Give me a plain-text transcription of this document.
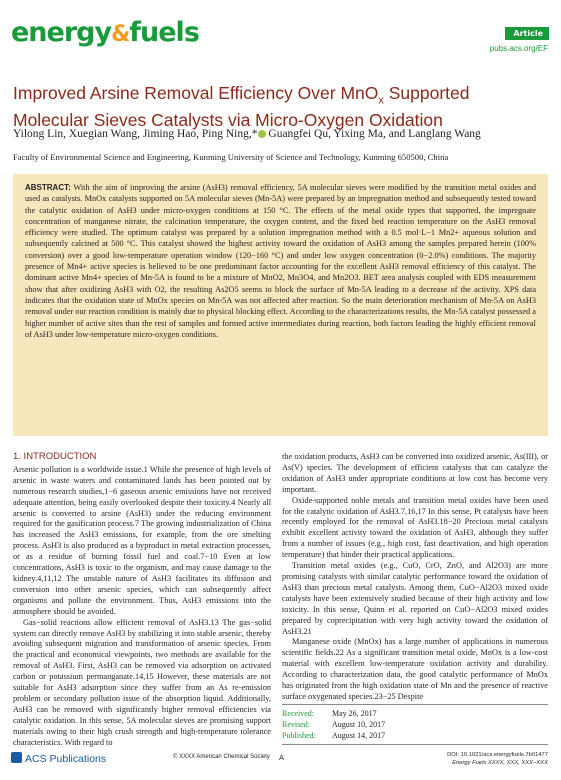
energy&fuels	Article
pubs.acs.org/EF
Improved Arsine Removal Efficiency Over MnO$_x$ Supported
Molecular Sieves Catalysts via Micro-Oxygen Oxidation
Yilong Lin, Xuegian Wang, Jiming Hao, Ping Ning,* Guangfei Qu, Yixing Ma, and Langlang Wang
Faculty of Environmental Science and Engineering, Kunming University of Science and Technology, Kunming 650500, China
ABSTRACT: With the aim of improving the arsine (AsH3) removal efficiency, 5A molecular sieves were modified by the transition metal oxides and used as catalysts. MnOx catalysts supported on 5A molecular sieves (Mn-5A) were prepared by an impregnation method and subsequently tested toward the catalytic oxidation of AsH3 under micro-oxygen conditions at 150 °C. The effects of the metal oxide types that supported, the impregnate concentration of manganese nitrate, the calcination temperature, the oxygen content, and the fixed bed reaction temperature on the AsH3 removal efficiency were studied. The optimum catalyst was prepared by a solution impregnation method with a 0.5 mol·L−1 Mn2+ aqueous solution and subsequently calcined at 500 °C. This catalyst showed the highest activity toward the oxidation of AsH3 among the samples prepared herein (100% conversion) over a good low-temperature operation window (120−160 °C) and under low oxygen concentration (0−2.0%) conditions. The majority presence of Mn4+ active species is believed to be one predominant factor accounting for the excellent AsH3 removal efficiency of this catalyst. The dominant active Mn4+ species of Mn-5A is found to be a mixture of MnO2, Mn3O4, and Mn2O3. BET area analysis coupled with EDS measurement show that after oxidizing AsH3 with O2, the resulting As2O5 seems to block the surface of Mn-5A leading to a decrease of the activity. XPS data indicates that the oxidation state of MnOx species on Mn-5A was not affected after reaction. So the main deterioration mechanism of Mn-5A on AsH3 removal under our reaction condition is mainly due to physical blocking effect. According to the characterizations results, the Mn-5A catalyst possessed a higher number of active sites than the rest of samples and formed active intermediates during reaction, both factors leading the highly efficient removal of AsH3 under low-temperature micro-oxygen conditions.
1. INTRODUCTION

Arsenic pollution is a worldwide issue.1 While the presence of high levels of arsenic in waste waters and contaminated lands has been pointed out by numerous research studies,1−6 gaseous arsenic emissions have not received adequate attention, being easily overlooked despite their toxicity.4 Nearly all arsenic is converted to arsine (AsH3) under the reducing environment required for the gasification process.7 The growing industrialization of China has increased the AsH3 emissions, for example, from the ore smelting process. AsH3 is also produced as a byproduct in metal extraction processes, or as a residue of burning fossil fuel and coal.7−10 Even at low concentrations, AsH3 is toxic to the organism, and may cause damage to the kidney.4,11,12 The unstable nature of AsH3 facilitates its diffusion and conversion into other arsenic species, which can subsequently affect organisms and pollute the environment. Thus, AsH3 emissions into the atmosphere should be avoided.

Gas−solid reactions allow efficient removal of AsH3.13 The gas−solid system can directly remove AsH3 by stabilizing it into stable arsenic, thereby avoiding subsequent migration and transformation of arsenic species. From the practical and economical viewpoints, two methods are available for the removal of AsH3. First, AsH3 can be removed via adsorption on activated carbon or potassium permanganate.14,15 However, these materials are not suitable for AsH3 adsorption since they suffer from an As re-emission problem or secondary pollution issue of the absorption liquid. Additionally, AsH3 can be removed with significantly higher removal efficiencies via catalytic oxidation. In this sense, 5A molecular sieves are promising support materials owing to their high crush strength and high-temperature tolerance characteristics. With regard to

the oxidation products, AsH3 can be converted into oxidized arsenic, As(III), or As(V) species. The development of efficient catalysts that can catalyze the oxidation of AsH3 under appropriate conditions at low cost has become very important.

Oxide-supported noble metals and transition metal oxides have been used for the catalytic oxidation of AsH3.7,16,17 In this sense, Pt catalysts have been recently employed for the removal of AsH3.18−20 Precious metal catalysts exhibit excellent activity toward the oxidation of AsH3, although they suffer from a number of issues (e.g., high cost, fast deactivation, and high operation temperature) that hinder their practical applications.

Transition metal oxides (e.g., CuO, CrO, ZnO, and Al2O3) are more promising catalysts with similar catalytic performance toward the oxidation of AsH3 than precious metal catalysts. Among them, CuO−Al2O3 mixed oxide catalysts have been extensively studied because of their high activity and low toxicity. In this sense, Quinn et al. reported on CuO−Al2O3 mixed oxides prepared by coprecipitation with very high activity toward the oxidation of AsH3.21

Manganese oxide (MnOx) has a large number of applications in numerous scientific fields.22 As a significant transition metal oxide, MnOx is a low-cost material with excellent low-temperature oxidation activity and durability. According to characterization data, the good catalytic performance of MnOx has originated from the high oxidation state of Mn and the presence of reactive surface oxygenated species.23−25 Despite

Received:	May 26, 2017
Revised:	August 10, 2017
Published:	August 14, 2017
ACS Publications	© XXXX American Chemical Society A	DOI: 10.1021/acs.energyfuels.7b01477
Energy Fuels XXXX, XXX, XXX−XXX
